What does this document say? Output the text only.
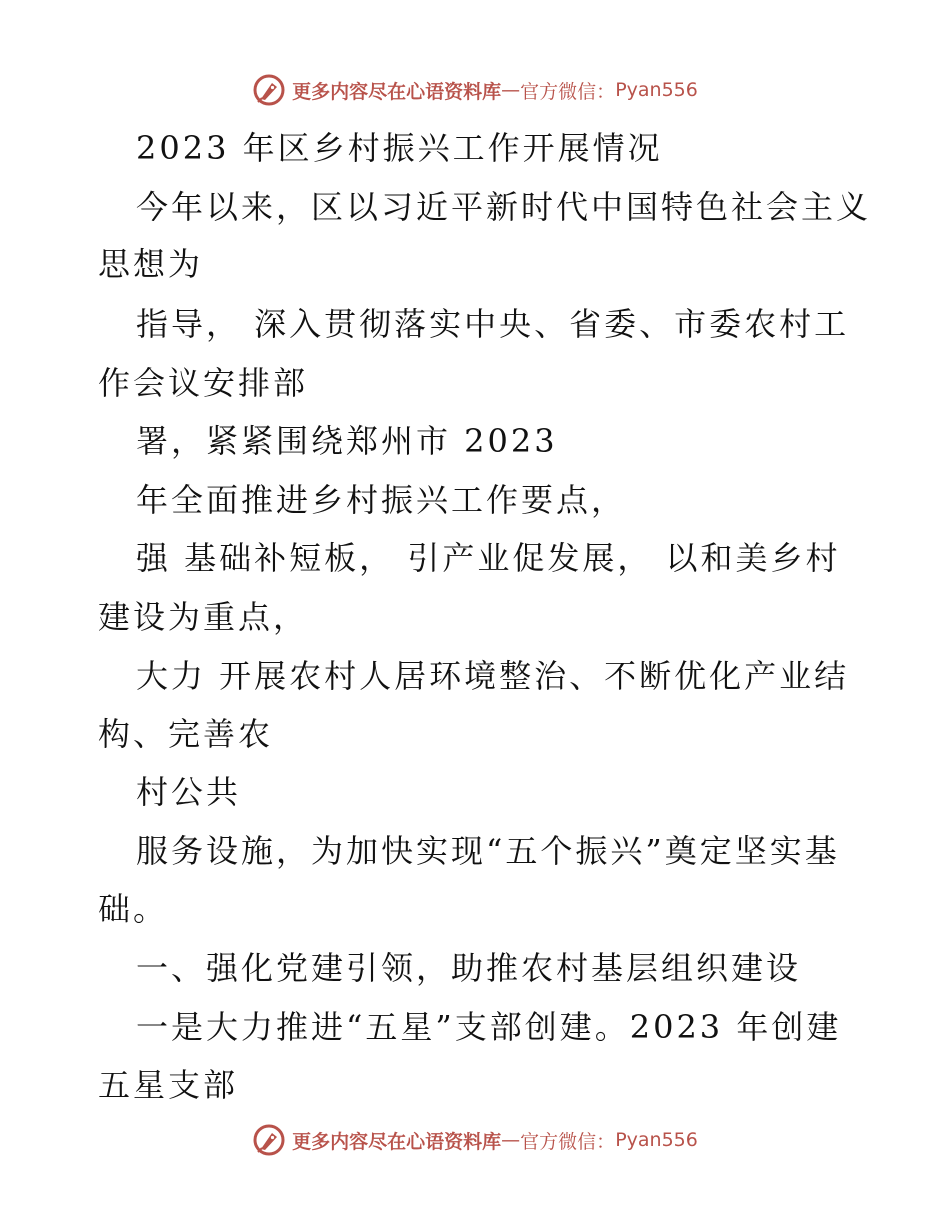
更多内容尽在心语资料库 — 官方微信： Pyan556
2023 年区乡村振兴工作开展情况
今年以来，区以习近平新时代中国特色社会主义
思想为
指导， 深入贯彻落实中央、省委、市委农村工
作会议安排部
署，紧紧围绕郑州市 2023
年全面推进乡村振兴工作要点，
强 基础补短板， 引产业促发展， 以和美乡村
建设为重点，
大力 开展农村人居环境整治、不断优化产业结
构、完善农
村公共
服务设施，为加快实现“五个振兴”奠定坚实基
础。
一、强化党建引领，助推农村基层组织建设
一是大力推进“五星”支部创建。2023 年创建
五星支部
更多内容尽在心语资料库 — 官方微信： Pyan556
